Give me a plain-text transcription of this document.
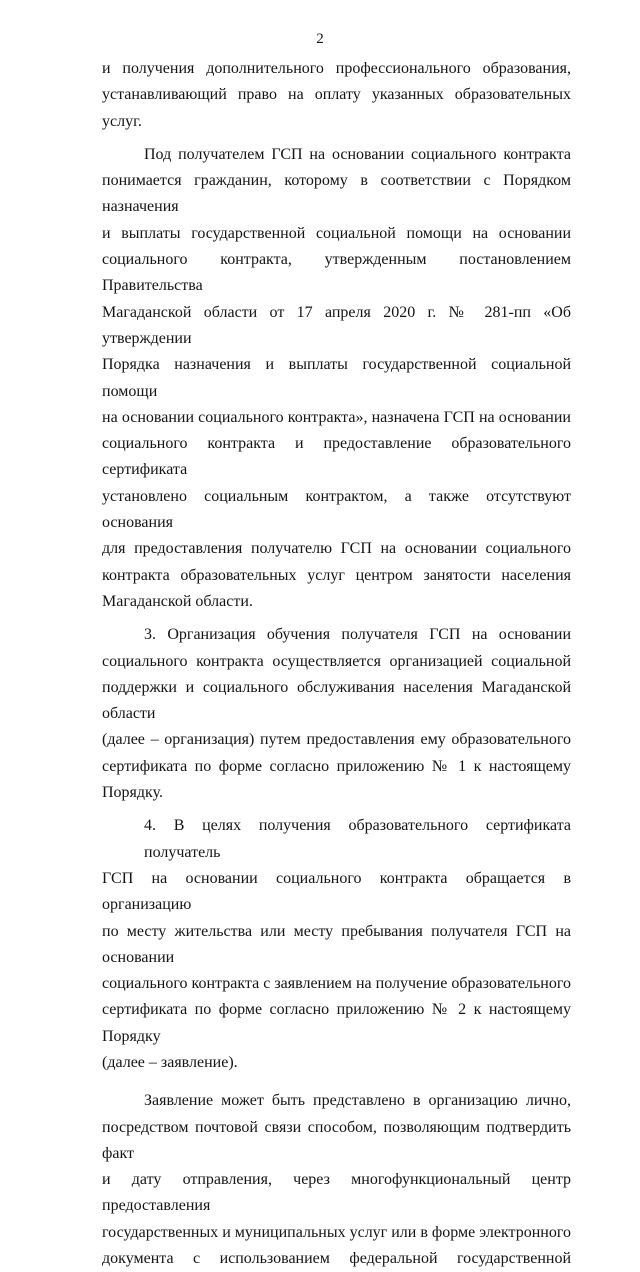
2
и получения дополнительного профессионального образования,
устанавливающий право на оплату указанных образовательных услуг.
Под получателем ГСП на основании социального контракта
понимается гражданин, которому в соответствии с Порядком назначения
и выплаты государственной социальной помощи на основании
социального контракта, утвержденным постановлением Правительства
Магаданской области от 17 апреля 2020 г. № 281-пп «Об утверждении
Порядка назначения и выплаты государственной социальной помощи
на основании социального контракта», назначена ГСП на основании
социального контракта и предоставление образовательного сертификата
установлено социальным контрактом, а также отсутствуют основания
для предоставления получателю ГСП на основании социального
контракта образовательных услуг центром занятости населения
Магаданской области.
3. Организация обучения получателя ГСП на основании
социального контракта осуществляется организацией социальной
поддержки и социального обслуживания населения Магаданской области
(далее – организация) путем предоставления ему образовательного
сертификата по форме согласно приложению № 1 к настоящему Порядку.
4. В целях получения образовательного сертификата получатель
ГСП на основании социального контракта обращается в организацию
по месту жительства или месту пребывания получателя ГСП на основании
социального контракта с заявлением на получение образовательного
сертификата по форме согласно приложению № 2 к настоящему Порядку
(далее – заявление).
Заявление может быть представлено в организацию лично,
посредством почтовой связи способом, позволяющим подтвердить факт
и дату отправления, через многофункциональный центр предоставления
государственных и муниципальных услуг или в форме электронного
документа с использованием федеральной государственной
